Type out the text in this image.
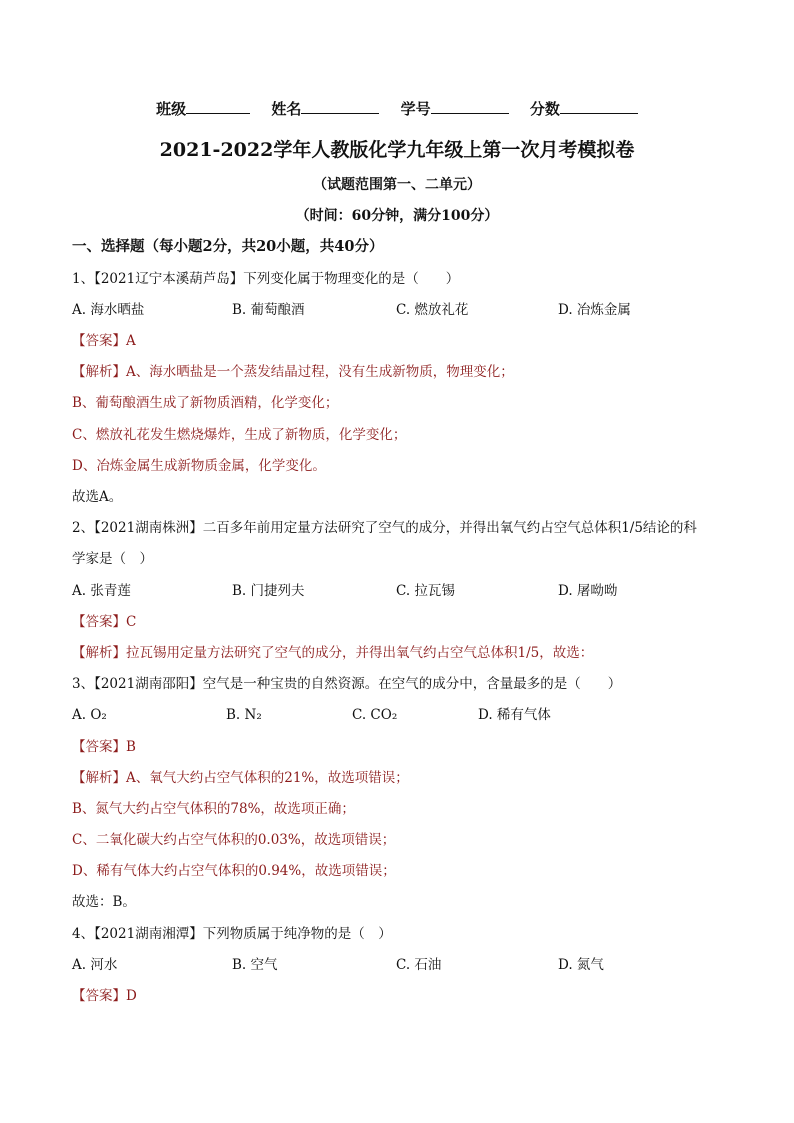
班级	姓名	学号	分数
2021-2022学年人教版化学九年级上第一次月考模拟卷
（试题范围第一、二单元）
（时间：60分钟，满分100分）
一、选择题（每小题2分，共20小题，共40分）
1、【2021辽宁本溪葫芦岛】下列变化属于物理变化的是（　　）
A. 海水晒盐	B. 葡萄酿酒	C. 燃放礼花	D. 冶炼金属
【答案】A
【解析】A、海水晒盐是一个蒸发结晶过程，没有生成新物质，物理变化；
B、葡萄酿酒生成了新物质酒精，化学变化；
C、燃放礼花发生燃烧爆炸，生成了新物质，化学变化；
D、冶炼金属生成新物质金属，化学变化。
故选A。
2、【2021湖南株洲】二百多年前用定量方法研究了空气的成分，并得出氧气约占空气总体积1/5结论的科
学家是（　）
A. 张青莲	B. 门捷列夫	C. 拉瓦锡	D. 屠呦呦
【答案】C
【解析】拉瓦锡用定量方法研究了空气的成分，并得出氧气约占空气总体积1/5，故选：
3、【2021湖南邵阳】空气是一种宝贵的自然资源。在空气的成分中，含量最多的是（　　）
A. O₂	B. N₂	C. CO₂	D. 稀有气体
【答案】B
【解析】A、氧气大约占空气体积的21%，故选项错误；
B、氮气大约占空气体积的78%，故选项正确；
C、二氧化碳大约占空气体积的0.03%，故选项错误；
D、稀有气体大约占空气体积的0.94%，故选项错误；
故选：B。
4、【2021湖南湘潭】下列物质属于纯净物的是（　）
A. 河水	B. 空气	C. 石油	D. 氮气
【答案】D
